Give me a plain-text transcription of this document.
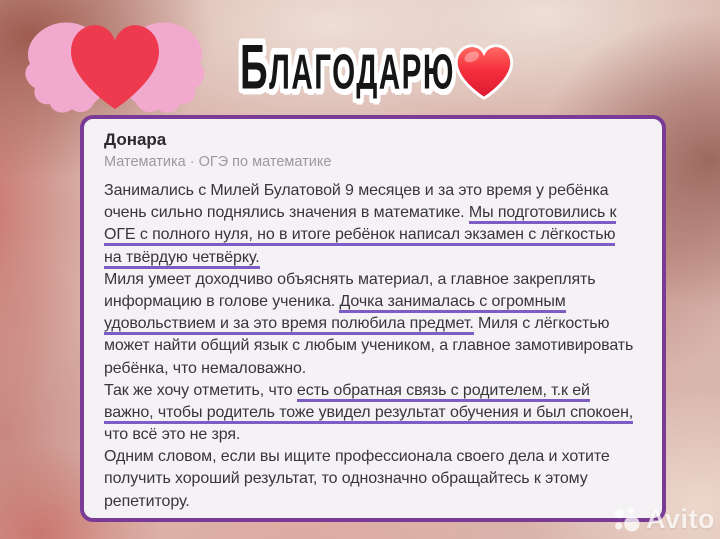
БЛАГОДАРЮ
Донара
Математика · ОГЭ по математике
Занимались с Милей Булатовой 9 месяцев и за это время у ребёнка
очень сильно поднялись значения в математике. Мы подготовились к
ОГЕ с полного нуля, но в итоге ребёнок написал экзамен с лёгкостью
на твёрдую четвёрку.
Миля умеет доходчиво объяснять материал, а главное закреплять
информацию в голове ученика. Дочка занималась с огромным
удовольствием и за это время полюбила предмет. Миля с лёгкостью
может найти общий язык с любым учеником, а главное замотивировать
ребёнка, что немаловажно.
Так же хочу отметить, что есть обратная связь с родителем, т.к ей
важно, чтобы родитель тоже увидел результат обучения и был спокоен,
что всё это не зря.
Одним словом, если вы ищите профессионала своего дела и хотите
получить хороший результат, то однозначно обращайтесь к этому
репетитору.
Avito
